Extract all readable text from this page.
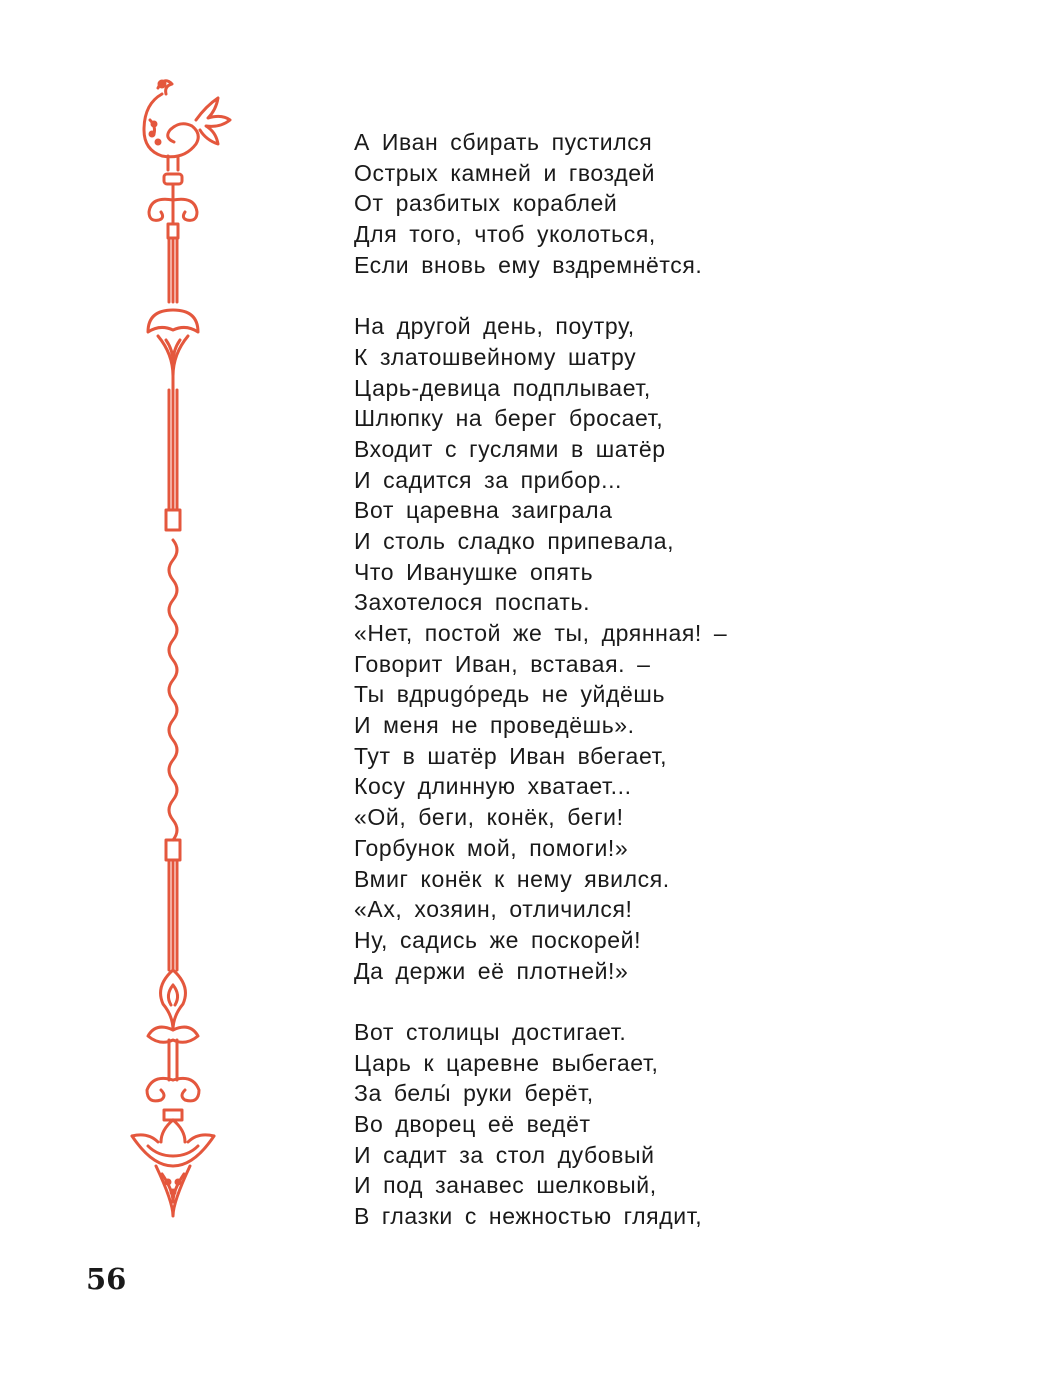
А Иван сбирать пустился
Острых камней и гвоздей
От разбитых кораблей
Для того, чтоб уколоться,
Если вновь ему вздремнётся.
На другой день, поутру,
К златошвейному шатру
Царь-девица подплывает,
Шлюпку на берег бросает,
Входит с гуслями в шатёр
И садится за прибор...
Вот царевна заиграла
И столь сладко припевала,
Что Иванушке опять
Захотелося поспать.
«Нет, постой же ты, дрянная! –
Говорит Иван, вставая. –
Ты вдрugо́редь не уйдёшь
И меня не проведёшь».
Тут в шатёр Иван вбегает,
Косу длинную хватает...
«Ой, беги, конёк, беги!
Горбунок мой, помоги!»
Вмиг конёк к нему явился.
«Ах, хозяин, отличился!
Ну, садись же поскорей!
Да держи её плотней!»
Вот столицы достигает.
Царь к царевне выбегает,
За белы́ руки берёт,
Во дворец её ведёт
И садит за стол дубовый
И под занавес шелковый,
В глазки с нежностью глядит,
56
